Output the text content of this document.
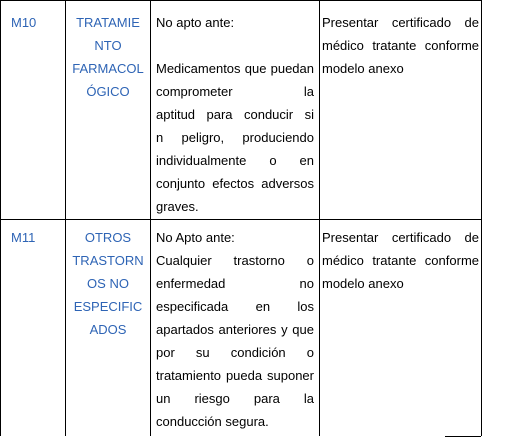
M10	TRATAMIE
NTO
FARMACOL
ÓGICO
No apto ante:
Medicamentos que puedan
comprometer la
aptitud para conducir si
n peligro, produciendo
individualmente o en
conjunto efectos adversos
graves.
Presentar certificado de
médico tratante conforme
modelo anexo
M11	OTROS
TRASTORN
OS NO
ESPECIFIC
ADOS
No Apto ante:
Cualquier trastorno o
enfermedad no
especificada en los
apartados anteriores y que
por su condición o
tratamiento pueda suponer
un riesgo para la
conducción segura.
Presentar certificado de
médico tratante conforme
modelo anexo
